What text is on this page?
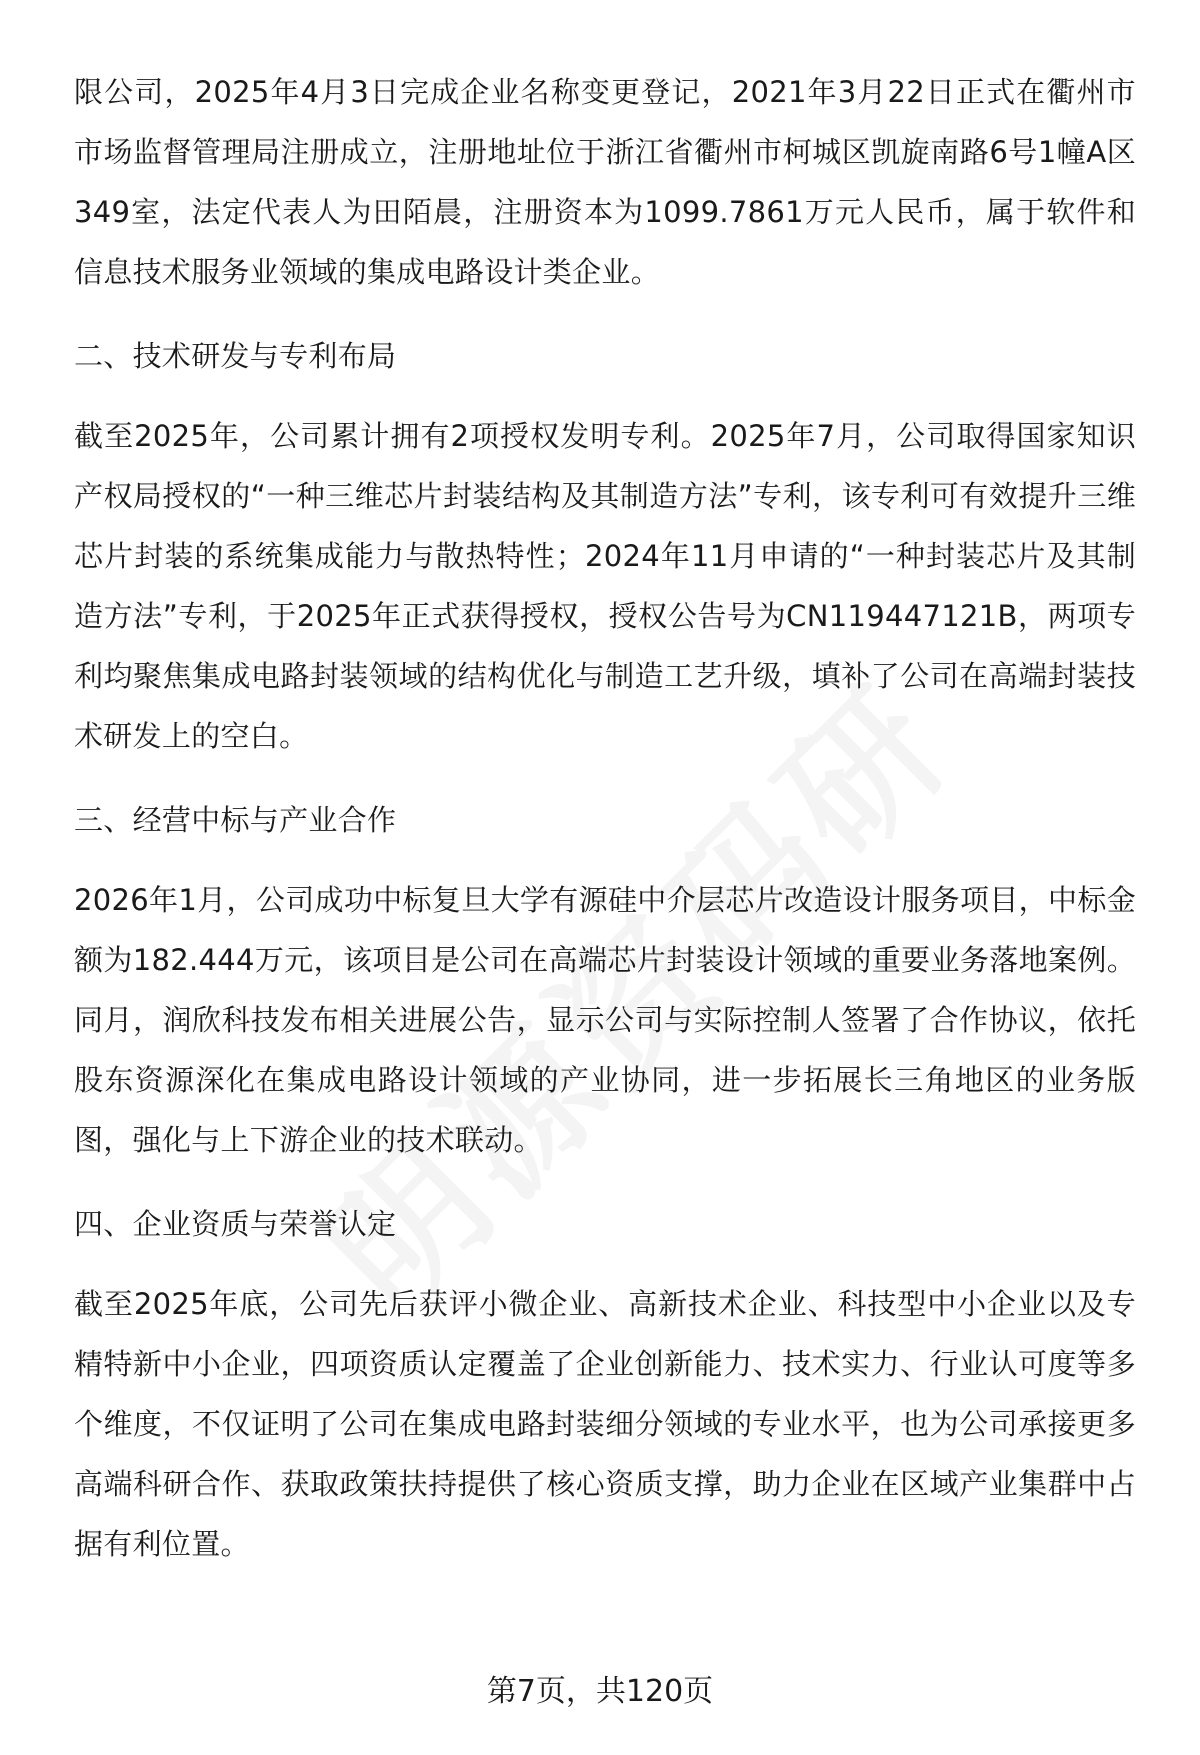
限公司，2025年4月3日完成企业名称变更登记，2021年3月22日正式在衢州市市场监督管理局注册成立，注册地址位于浙江省衢州市柯城区凯旋南路6号1幢A区349室，法定代表人为田陌晨，注册资本为1099.7861万元人民币，属于软件和信息技术服务业领域的集成电路设计类企业。

二、技术研发与专利布局

截至2025年，公司累计拥有2项授权发明专利。2025年7月，公司取得国家知识产权局授权的“一种三维芯片封装结构及其制造方法”专利，该专利可有效提升三维芯片封装的系统集成能力与散热特性；2024年11月申请的“一种封装芯片及其制造方法”专利，于2025年正式获得授权，授权公告号为CN119447121B，两项专利均聚焦集成电路封装领域的结构优化与制造工艺升级，填补了公司在高端封装技术研发上的空白。

三、经营中标与产业合作

2026年1月，公司成功中标复旦大学有源硅中介层芯片改造设计服务项目，中标金额为182.444万元，该项目是公司在高端芯片封装设计领域的重要业务落地案例。同月，润欣科技发布相关进展公告，显示公司与实际控制人签署了合作协议，依托股东资源深化在集成电路设计领域的产业协同，进一步拓展长三角地区的业务版图，强化与上下游企业的技术联动。

四、企业资质与荣誉认定

截至2025年底，公司先后获评小微企业、高新技术企业、科技型中小企业以及专精特新中小企业，四项资质认定覆盖了企业创新能力、技术实力、行业认可度等多个维度，不仅证明了公司在集成电路封装细分领域的专业水平，也为公司承接更多高端科研合作、获取政策扶持提供了核心资质支撑，助力企业在区域产业集群中占据有利位置。

第7页，共120页
